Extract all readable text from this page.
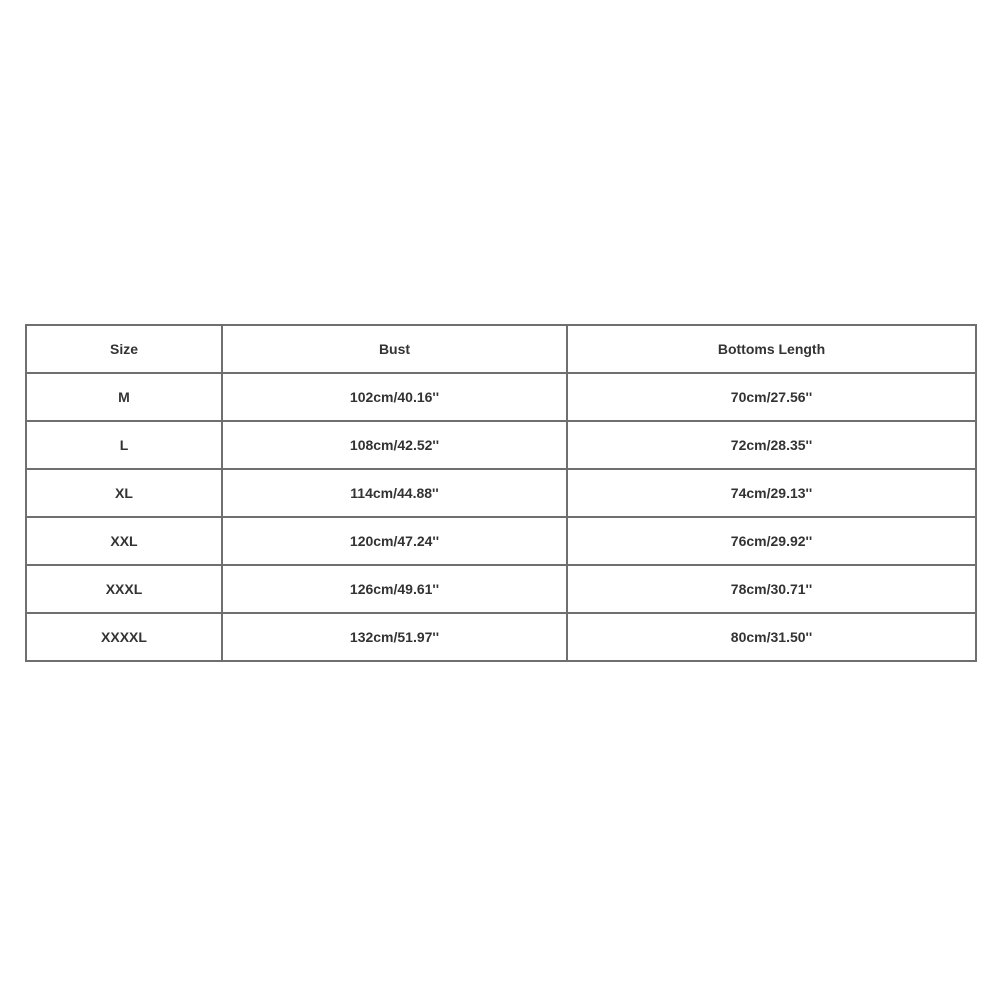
Size	Bust	Bottoms Length
M	102cm/40.16''	70cm/27.56''
L	108cm/42.52''	72cm/28.35''
XL	114cm/44.88''	74cm/29.13''
XXL	120cm/47.24''	76cm/29.92''
XXXL	126cm/49.61''	78cm/30.71''
XXXXL	132cm/51.97''	80cm/31.50''
